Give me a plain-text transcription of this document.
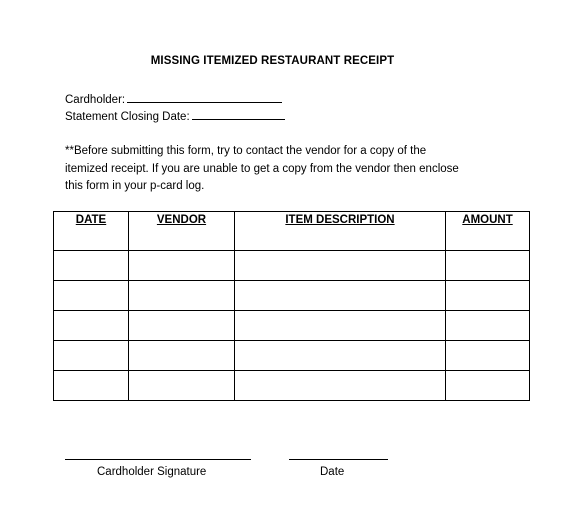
MISSING ITEMIZED RESTAURANT RECEIPT
Cardholder:
Statement Closing Date:
**Before submitting this form, try to contact the vendor for a copy of the
itemized receipt. If you are unable to get a copy from the vendor then enclose
this form in your p-card log.
DATE	VENDOR	ITEM DESCRIPTION	AMOUNT

Cardholder Signature	Date
